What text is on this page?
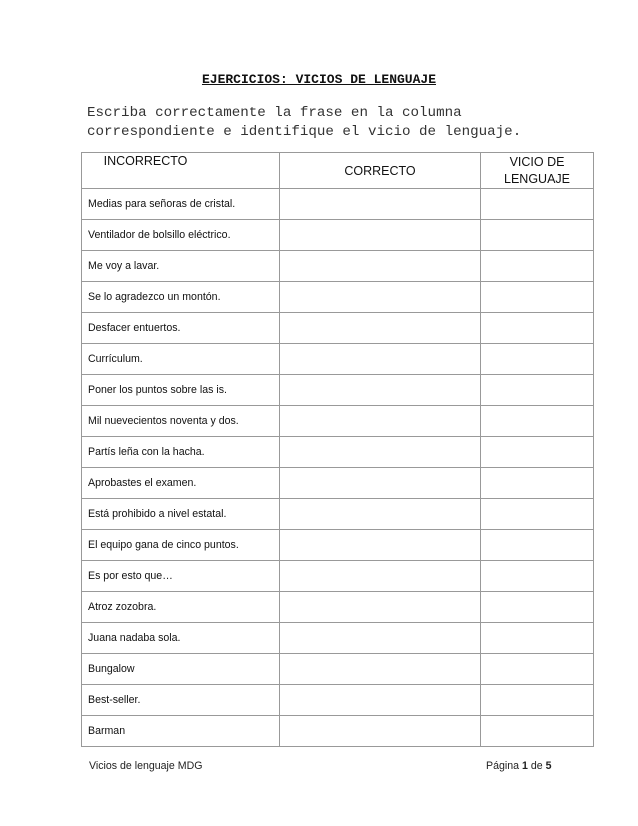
EJERCICIOS: VICIOS DE LENGUAJE
Escriba correctamente la frase en la columna
correspondiente e identifique el vicio de lenguaje.
INCORRECTO	CORRECTO	VICIO DE
LENGUAJE

Medias para señoras de cristal.		
Ventilador de bolsillo eléctrico.		
Me voy a lavar.		
Se lo agradezco un montón.		
Desfacer entuertos.		
Currículum.		
Poner los puntos sobre las is.		
Mil nuevecientos noventa y dos.		
Partís leña con la hacha.		
Aprobastes el examen.		
Está prohibido a nivel estatal.		
El equipo gana de cinco puntos.		
Es por esto que…		
Atroz zozobra.		
Juana nadaba sola.		
Bungalow		
Best-seller.		
Barman		
Vicios de lenguaje MDG	Página 1 de 5
